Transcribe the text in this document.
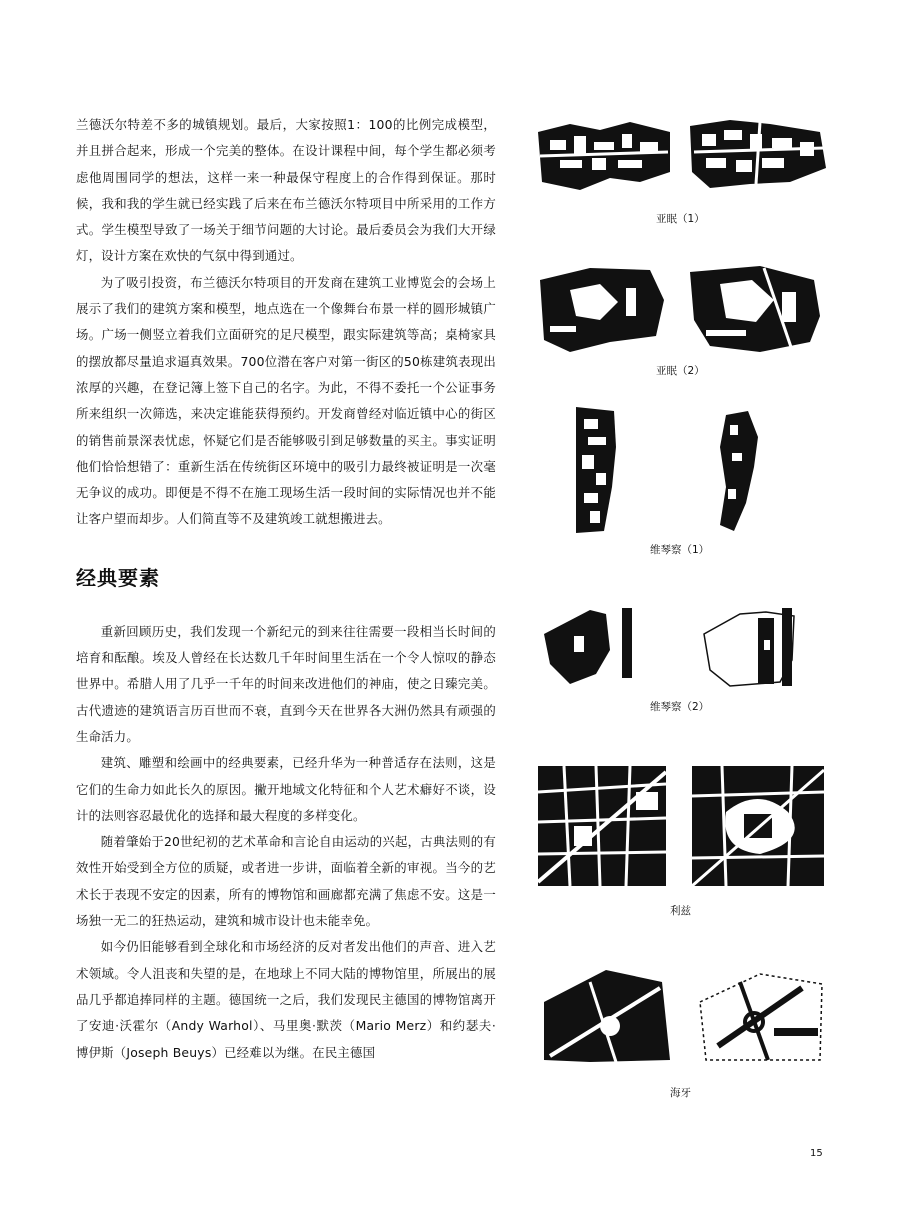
兰德沃尔特差不多的城镇规划。最后，大家按照1：100的比例完成模型，并且拼合起来，形成一个完美的整体。在设计课程中间，每个学生都必须考虑他周围同学的想法，这样一来一种最保守程度上的合作得到保证。那时候，我和我的学生就已经实践了后来在布兰德沃尔特项目中所采用的工作方式。学生模型导致了一场关于细节问题的大讨论。最后委员会为我们大开绿灯，设计方案在欢快的气氛中得到通过。

为了吸引投资，布兰德沃尔特项目的开发商在建筑工业博览会的会场上展示了我们的建筑方案和模型，地点选在一个像舞台布景一样的圆形城镇广场。广场一侧竖立着我们立面研究的足尺模型，跟实际建筑等高；桌椅家具的摆放都尽量追求逼真效果。700位潜在客户对第一街区的50栋建筑表现出浓厚的兴趣，在登记簿上签下自己的名字。为此，不得不委托一个公证事务所来组织一次筛选，来决定谁能获得预约。开发商曾经对临近镇中心的街区的销售前景深表忧虑，怀疑它们是否能够吸引到足够数量的买主。事实证明他们恰恰想错了：重新生活在传统街区环境中的吸引力最终被证明是一次毫无争议的成功。即便是不得不在施工现场生活一段时间的实际情况也并不能让客户望而却步。人们简直等不及建筑竣工就想搬进去。

经典要素

重新回顾历史，我们发现一个新纪元的到来往往需要一段相当长时间的培育和酝酿。埃及人曾经在长达数几千年时间里生活在一个令人惊叹的静态世界中。希腊人用了几乎一千年的时间来改进他们的神庙，使之日臻完美。古代遗迹的建筑语言历百世而不衰，直到今天在世界各大洲仍然具有顽强的生命活力。

建筑、雕塑和绘画中的经典要素，已经升华为一种普适存在法则，这是它们的生命力如此长久的原因。撇开地域文化特征和个人艺术癖好不谈，设计的法则容忍最优化的选择和最大程度的多样变化。

随着肇始于20世纪初的艺术革命和言论自由运动的兴起，古典法则的有效性开始受到全方位的质疑，或者进一步讲，面临着全新的审视。当今的艺术长于表现不安定的因素，所有的博物馆和画廊都充满了焦虑不安。这是一场独一无二的狂热运动，建筑和城市设计也未能幸免。

如今仍旧能够看到全球化和市场经济的反对者发出他们的声音、进入艺术领域。令人沮丧和失望的是，在地球上不同大陆的博物馆里，所展出的展品几乎都追捧同样的主题。德国统一之后，我们发现民主德国的博物馆离开了安迪·沃霍尔（Andy Warhol）、马里奥·默茨（Mario Merz）和约瑟夫·博伊斯（Joseph Beuys）已经难以为继。在民主德国

亚眠（1）
亚眠（2）
维琴察（1）
维琴察（2）
利兹
海牙
15
